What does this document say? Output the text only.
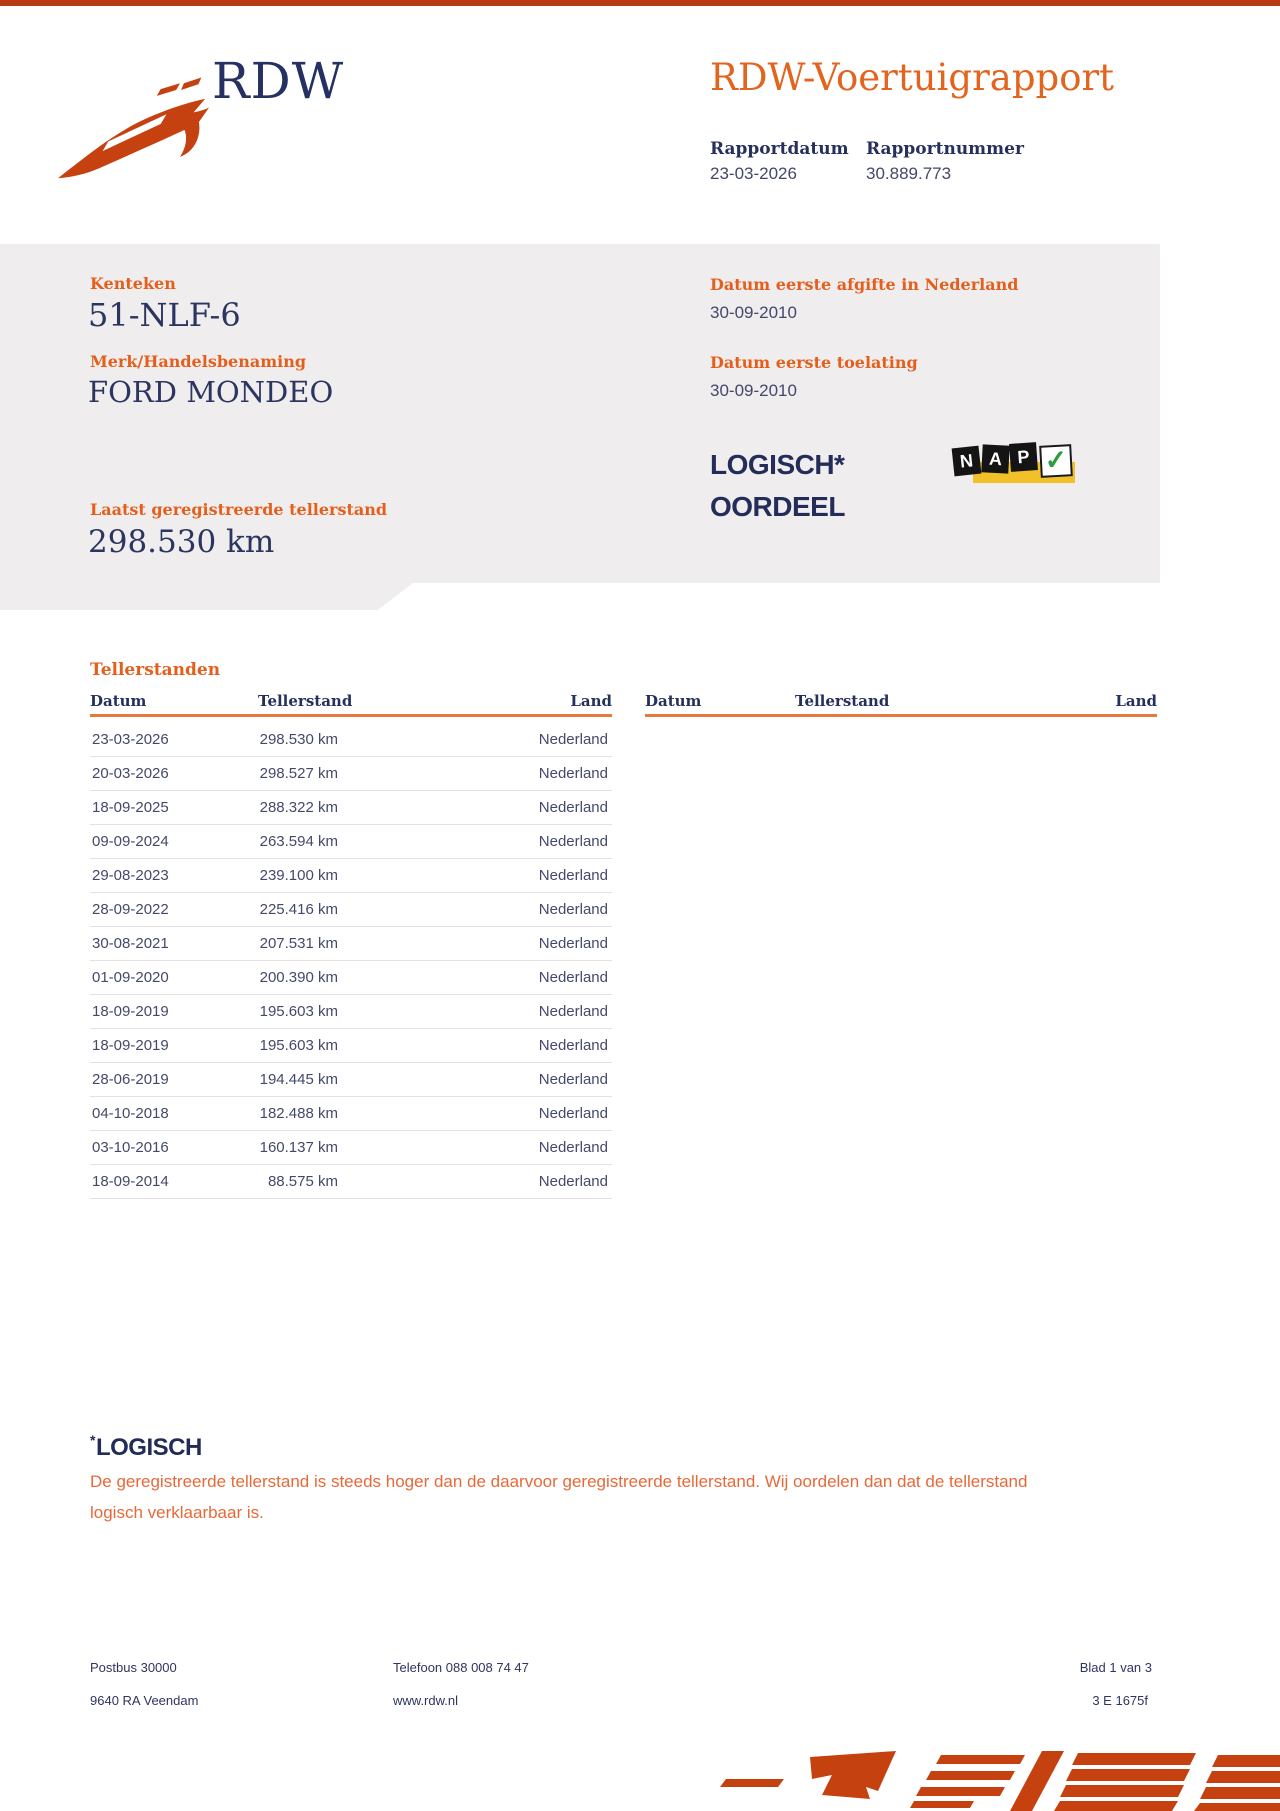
RDW	RDW-Voertuigrapport
Rapportdatum
23-03-2026
Rapportnummer
30.889.773
Kenteken
51-NLF-6
Merk/Handelsbenaming
FORD MONDEO
Datum eerste afgifte in Nederland
30-09-2010
Datum eerste toelating
30-09-2010
LOGISCH*
OORDEEL
N A P ✓
Laatst geregistreerde tellerstand
298.530 km
Tellerstanden
Datum	Tellerstand	Land
23-03-2026	298.530 km	Nederland
20-03-2026	298.527 km	Nederland
18-09-2025	288.322 km	Nederland
09-09-2024	263.594 km	Nederland
29-08-2023	239.100 km	Nederland
28-09-2022	225.416 km	Nederland
30-08-2021	207.531 km	Nederland
01-09-2020	200.390 km	Nederland
18-09-2019	195.603 km	Nederland
18-09-2019	195.603 km	Nederland
28-06-2019	194.445 km	Nederland
04-10-2018	182.488 km	Nederland
03-10-2016	160.137 km	Nederland
18-09-2014	88.575 km	Nederland
Datum	Tellerstand	Land
*LOGISCH
De geregistreerde tellerstand is steeds hoger dan de daarvoor geregistreerde tellerstand. Wij oordelen dan dat de tellerstand logisch verklaarbaar is.
Postbus 30000
9640 RA Veendam
Telefoon 088 008 74 47
www.rdw.nl
Blad 1 van 3
3 E 1675f
